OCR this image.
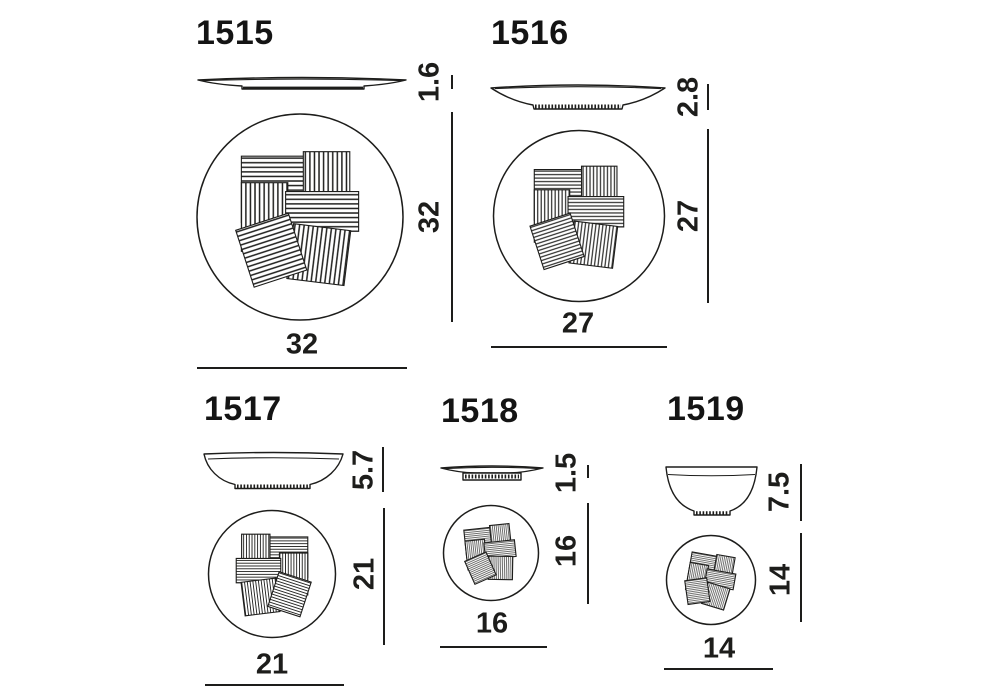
1515
1.6
32
32
1516
2.8
27
27
1517
5.7
21
21
1518
1.5
16
16
1519
7.5
14
14
